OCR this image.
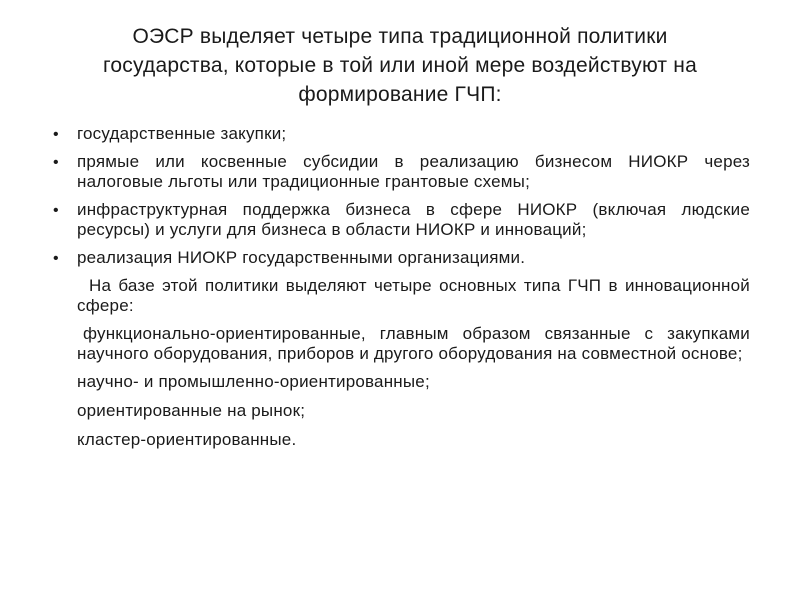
ОЭСР выделяет четыре типа традиционной политики
государства, которые в той или иной мере воздействуют на
формирование ГЧП:
• государственные закупки;
• прямые или косвенные субсидии в реализацию бизнесом НИОКР через налоговые льготы или традиционные грантовые схемы;
• инфраструктурная поддержка бизнеса в сфере НИОКР (включая людские ресурсы) и услуги для бизнеса в области НИОКР и инноваций;
• реализация НИОКР государственными организациями.

На базе этой политики выделяют четыре основных типа ГЧП в инновационной сфере:

функционально-ориентированные, главным образом связанные с закупками научного оборудования, приборов и другого оборудования на совместной основе;

научно- и промышленно-ориентированные;

ориентированные на рынок;

кластер-ориентированные.
